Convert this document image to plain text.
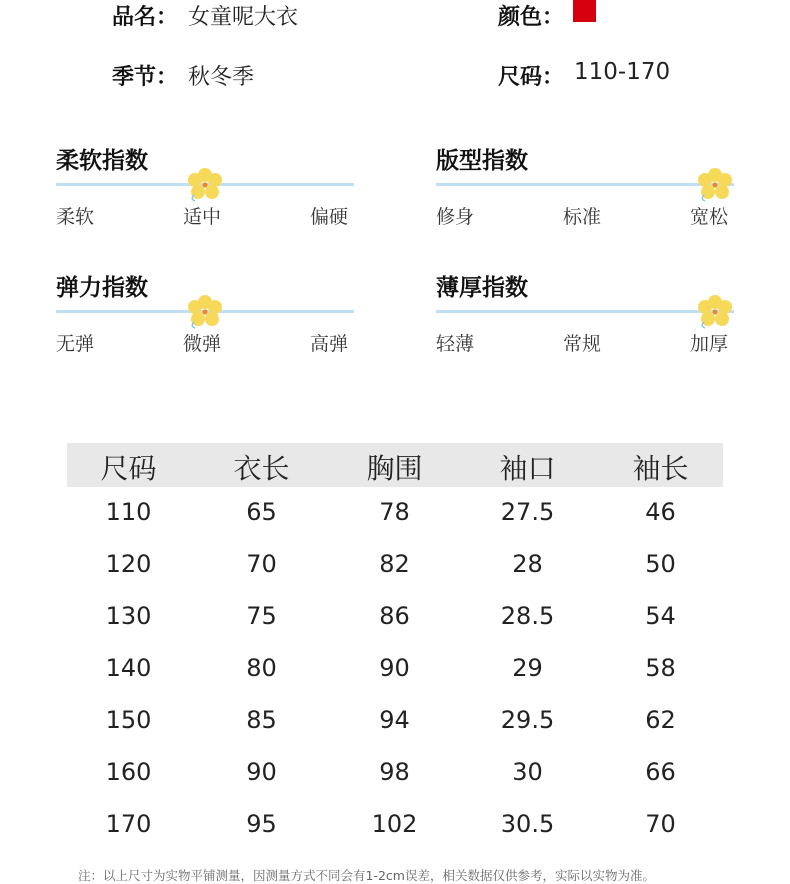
品名： 女童呢大衣	颜色：
季节： 秋冬季	尺码： 110-170
柔软指数
柔软	适中	偏硬
版型指数
修身	标准	宽松
弹力指数
无弹	微弹	高弹
薄厚指数
轻薄	常规	加厚
尺码	衣长	胸围	袖口	袖长
110	65	78	27.5	46
120	70	82	28	50
130	75	86	28.5	54
140	80	90	29	58
150	85	94	29.5	62
160	90	98	30	66
170	95	102	30.5	70
注：以上尺寸为实物平铺测量，因测量方式不同会有1-2cm误差，相关数据仅供参考，实际以实物为准。
